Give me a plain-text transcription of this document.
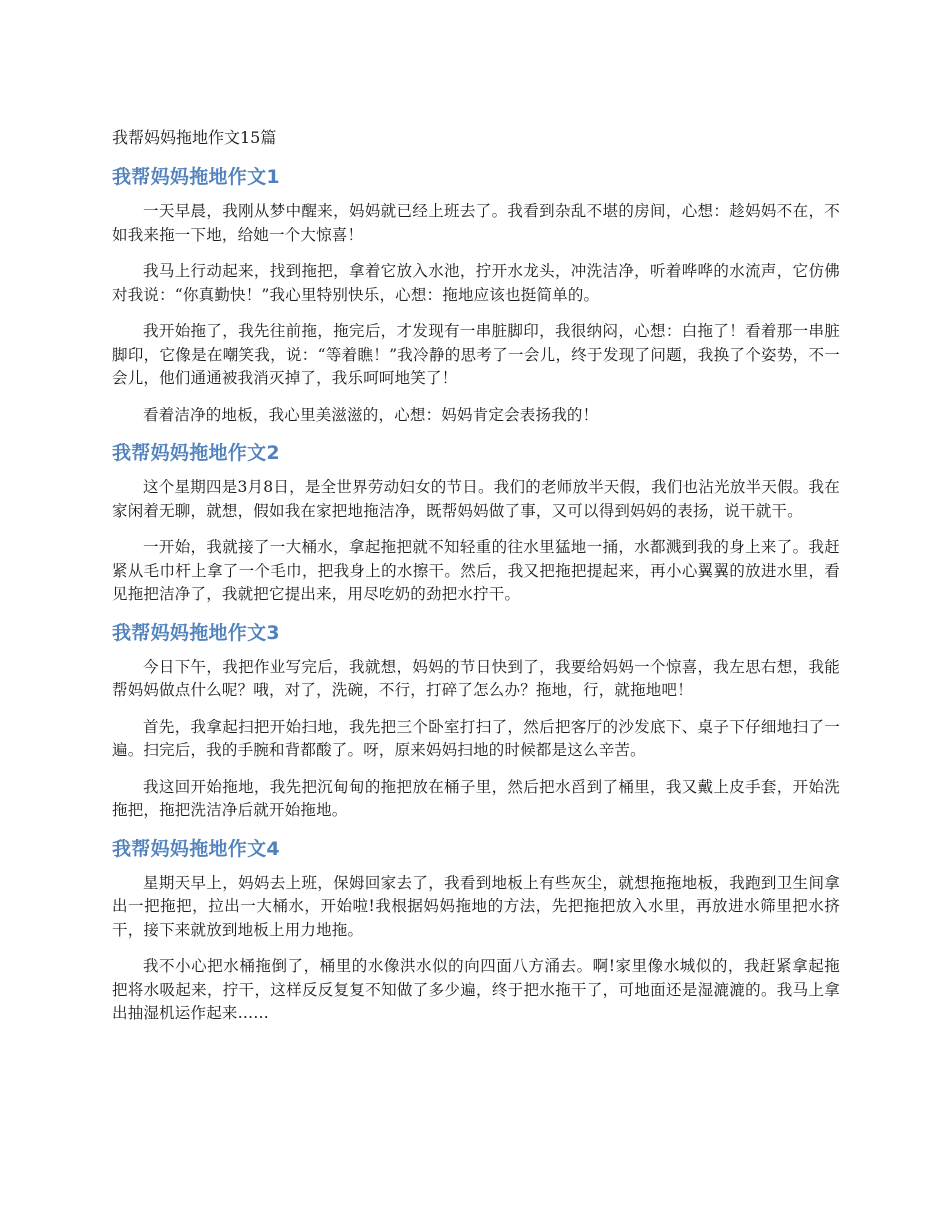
我帮妈妈拖地作文15篇
我帮妈妈拖地作文1

一天早晨，我刚从梦中醒来，妈妈就已经上班去了。我看到杂乱不堪的房间，心想：趁妈妈不在，不如我来拖一下地，给她一个大惊喜！

我马上行动起来，找到拖把，拿着它放入水池，拧开水龙头，冲洗洁净，听着哗哗的水流声，它仿佛对我说：“你真勤快！”我心里特别快乐，心想：拖地应该也挺简单的。

我开始拖了，我先往前拖，拖完后，才发现有一串脏脚印，我很纳闷，心想：白拖了！看着那一串脏脚印，它像是在嘲笑我，说：“等着瞧！”我冷静的思考了一会儿，终于发现了问题，我换了个姿势，不一会儿，他们通通被我消灭掉了，我乐呵呵地笑了！

看着洁净的地板，我心里美滋滋的，心想：妈妈肯定会表扬我的！

我帮妈妈拖地作文2

这个星期四是3月8日，是全世界劳动妇女的节日。我们的老师放半天假，我们也沾光放半天假。我在家闲着无聊，就想，假如我在家把地拖洁净，既帮妈妈做了事，又可以得到妈妈的表扬，说干就干。

一开始，我就接了一大桶水，拿起拖把就不知轻重的往水里猛地一捅，水都溅到我的身上来了。我赶紧从毛巾杆上拿了一个毛巾，把我身上的水擦干。然后，我又把拖把提起来，再小心翼翼的放进水里，看见拖把洁净了，我就把它提出来，用尽吃奶的劲把水拧干。

我帮妈妈拖地作文3

今日下午，我把作业写完后，我就想，妈妈的节日快到了，我要给妈妈一个惊喜，我左思右想，我能帮妈妈做点什么呢？哦，对了，洗碗，不行，打碎了怎么办？拖地，行，就拖地吧！

首先，我拿起扫把开始扫地，我先把三个卧室打扫了，然后把客厅的沙发底下、桌子下仔细地扫了一遍。扫完后，我的手腕和背都酸了。呀，原来妈妈扫地的时候都是这么辛苦。

我这回开始拖地，我先把沉甸甸的拖把放在桶子里，然后把水舀到了桶里，我又戴上皮手套，开始洗拖把，拖把洗洁净后就开始拖地。

我帮妈妈拖地作文4

星期天早上，妈妈去上班，保姆回家去了，我看到地板上有些灰尘，就想拖拖地板，我跑到卫生间拿出一把拖把，拉出一大桶水，开始啦!我根据妈妈拖地的方法，先把拖把放入水里，再放进水筛里把水挤干，接下来就放到地板上用力地拖。

我不小心把水桶拖倒了，桶里的水像洪水似的向四面八方涌去。啊!家里像水城似的，我赶紧拿起拖把将水吸起来，拧干，这样反反复复不知做了多少遍，终于把水拖干了，可地面还是湿漉漉的。我马上拿出抽湿机运作起来……
